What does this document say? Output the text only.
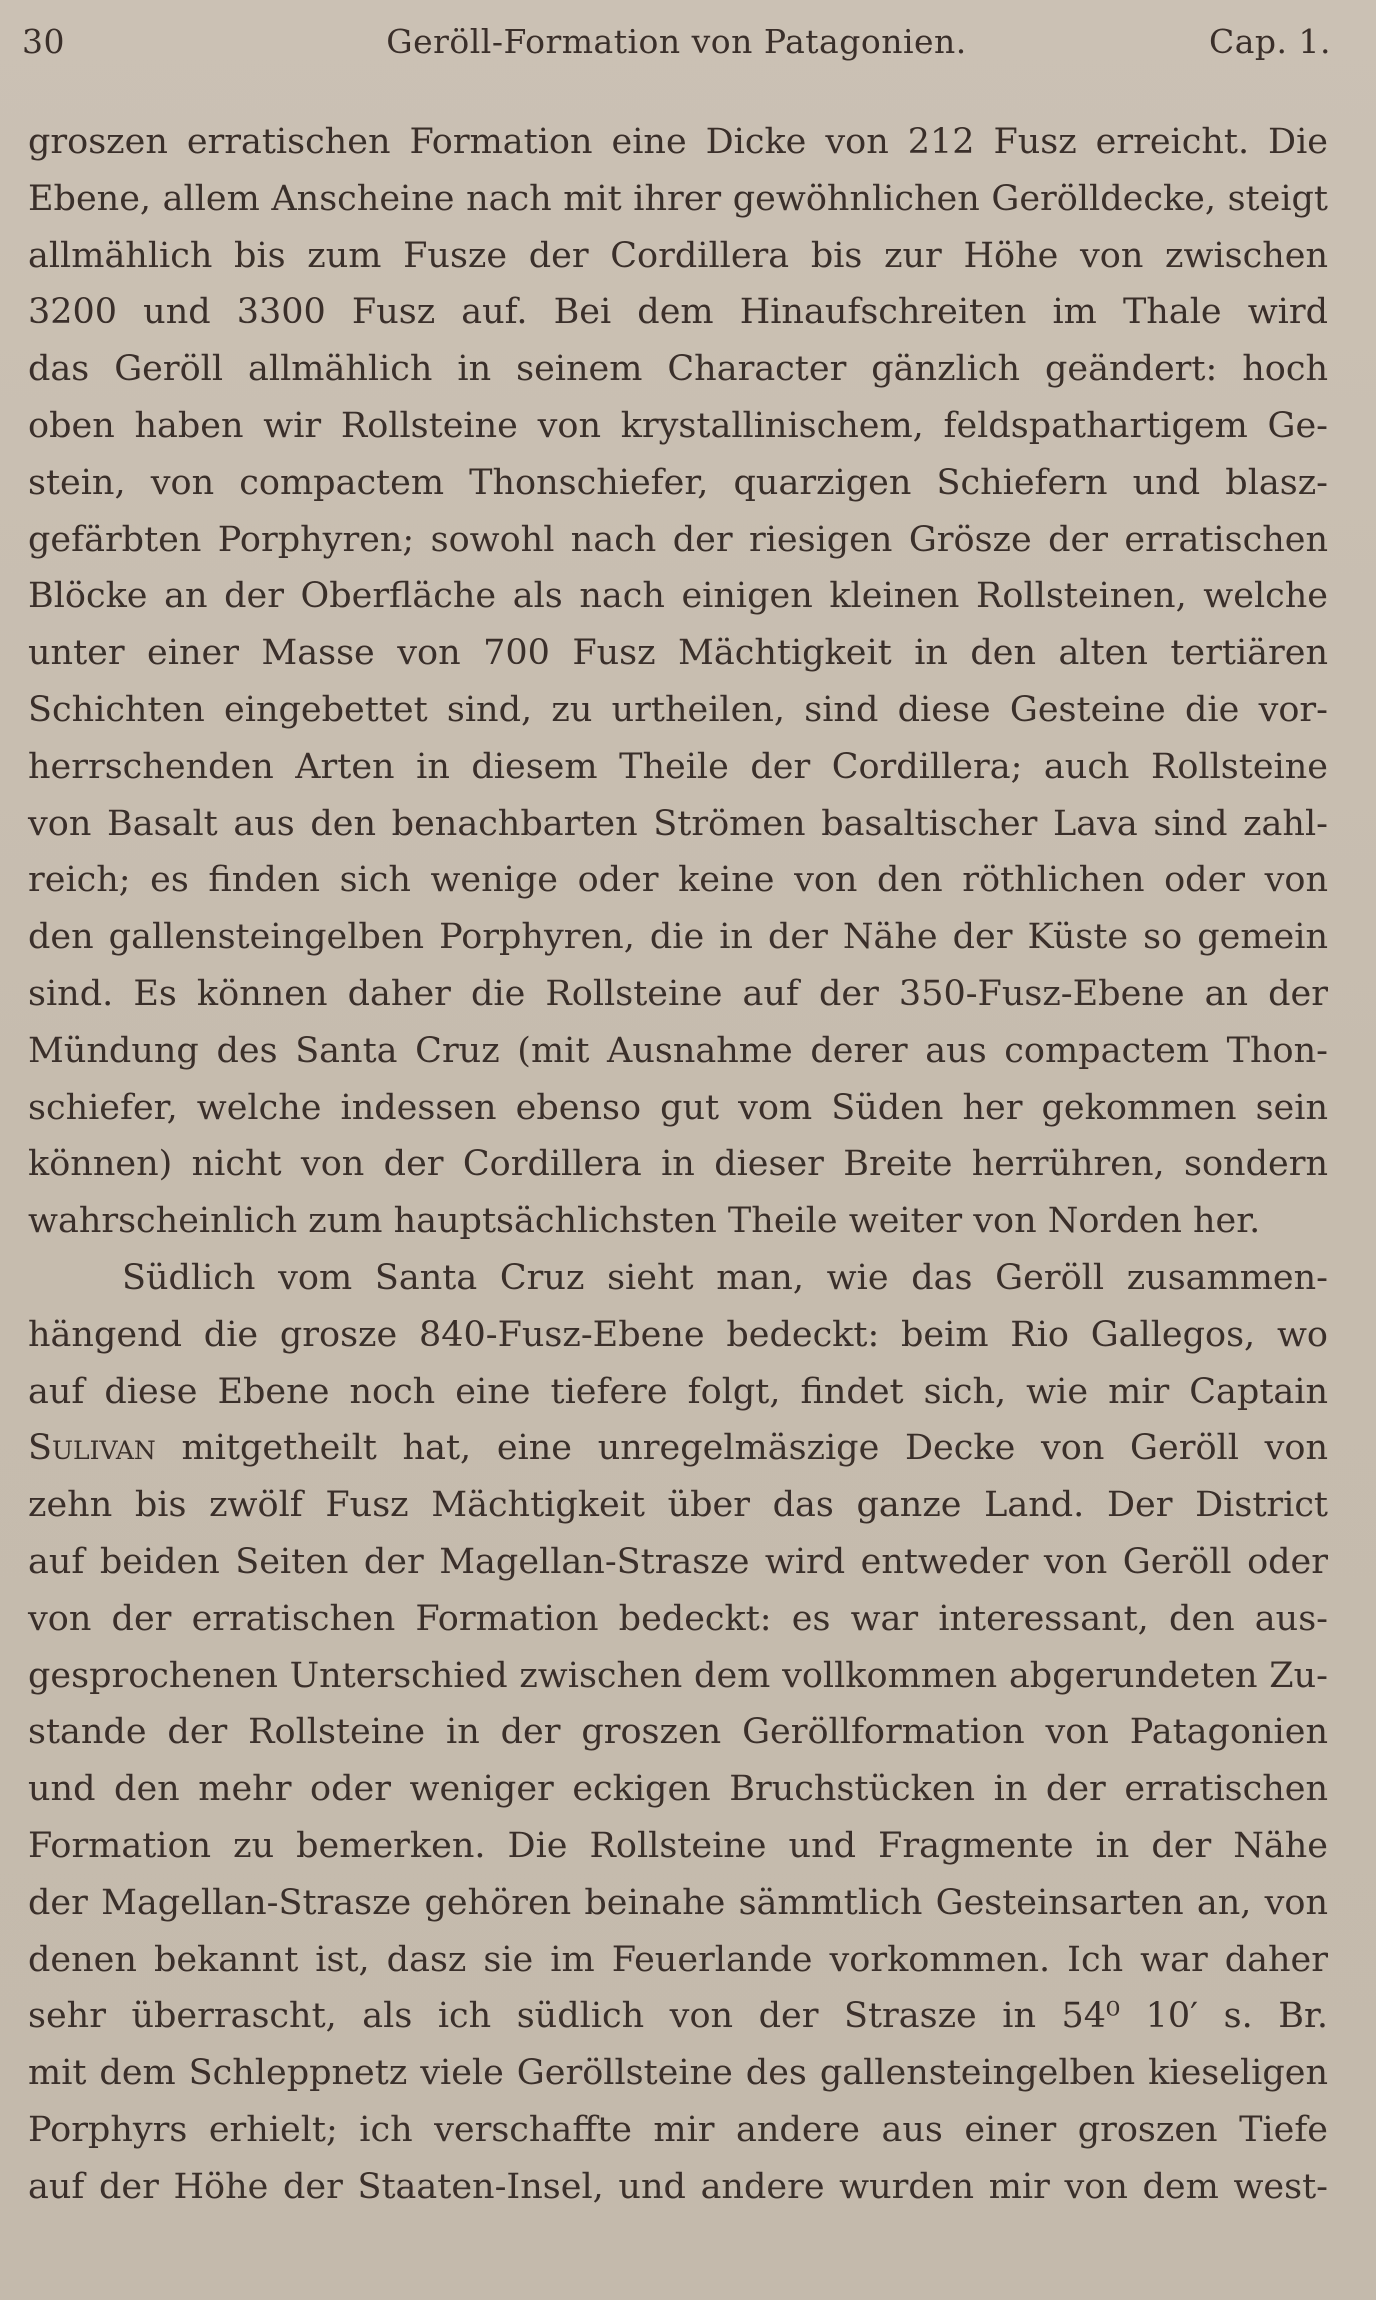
Geröll-Formation von Patagonien.
30	Cap. 1.
groszen erratischen Formation eine Dicke von 212 Fusz erreicht. Die
Ebene, allem Anscheine nach mit ihrer gewöhnlichen Gerölldecke, steigt
allmählich bis zum Fusze der Cordillera bis zur Höhe von zwischen
3200 und 3300 Fusz auf. Bei dem Hinaufschreiten im Thale wird
das Geröll allmählich in seinem Character gänzlich geändert: hoch
oben haben wir Rollsteine von krystallinischem, feldspathartigem Ge-
stein, von compactem Thonschiefer, quarzigen Schiefern und blasz-
gefärbten Porphyren; sowohl nach der riesigen Grösze der erratischen
Blöcke an der Oberfläche als nach einigen kleinen Rollsteinen, welche
unter einer Masse von 700 Fusz Mächtigkeit in den alten tertiären
Schichten eingebettet sind, zu urtheilen, sind diese Gesteine die vor-
herrschenden Arten in diesem Theile der Cordillera; auch Rollsteine
von Basalt aus den benachbarten Strömen basaltischer Lava sind zahl-
reich; es finden sich wenige oder keine von den röthlichen oder von
den gallensteingelben Porphyren, die in der Nähe der Küste so gemein
sind. Es können daher die Rollsteine auf der 350-Fusz-Ebene an der
Mündung des Santa Cruz (mit Ausnahme derer aus compactem Thon-
schiefer, welche indessen ebenso gut vom Süden her gekommen sein
können) nicht von der Cordillera in dieser Breite herrühren, sondern
wahrscheinlich zum hauptsächlichsten Theile weiter von Norden her.
Südlich vom Santa Cruz sieht man, wie das Geröll zusammen-
hängend die grosze 840-Fusz-Ebene bedeckt: beim Rio Gallegos, wo
auf diese Ebene noch eine tiefere folgt, findet sich, wie mir Captain
Sulivan mitgetheilt hat, eine unregelmäszige Decke von Geröll von
zehn bis zwölf Fusz Mächtigkeit über das ganze Land. Der District
auf beiden Seiten der Magellan-Strasze wird entweder von Geröll oder
von der erratischen Formation bedeckt: es war interessant, den aus-
gesprochenen Unterschied zwischen dem vollkommen abgerundeten Zu-
stande der Rollsteine in der groszen Geröllformation von Patagonien
und den mehr oder weniger eckigen Bruchstücken in der erratischen
Formation zu bemerken. Die Rollsteine und Fragmente in der Nähe
der Magellan-Strasze gehören beinahe sämmtlich Gesteinsarten an, von
denen bekannt ist, dasz sie im Feuerlande vorkommen. Ich war daher
sehr überrascht, als ich südlich von der Strasze in 54⁰ 10′ s. Br.
mit dem Schleppnetz viele Geröllsteine des gallensteingelben kieseligen
Porphyrs erhielt; ich verschaffte mir andere aus einer groszen Tiefe
auf der Höhe der Staaten-Insel, und andere wurden mir von dem west-
